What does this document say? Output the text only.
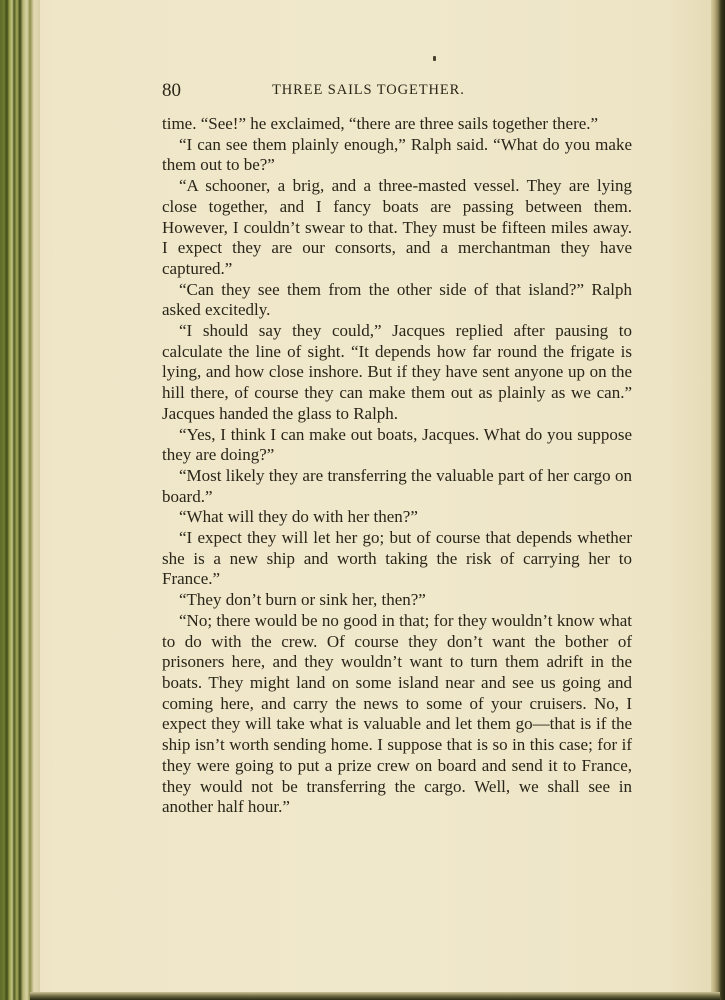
80	THREE SAILS TOGETHER.

time. “See!” he exclaimed, “there are three sails together there.”

“I can see them plainly enough,” Ralph said. “What do you make them out to be?”

“A schooner, a brig, and a three-masted vessel. They are lying close together, and I fancy boats are passing between them. However, I couldn’t swear to that. They must be fifteen miles away. I expect they are our consorts, and a merchantman they have captured.”

“Can they see them from the other side of that island?” Ralph asked excitedly.

“I should say they could,” Jacques replied after pausing to calculate the line of sight. “It depends how far round the frigate is lying, and how close inshore. But if they have sent anyone up on the hill there, of course they can make them out as plainly as we can.” Jacques handed the glass to Ralph.

“Yes, I think I can make out boats, Jacques. What do you suppose they are doing?”

“Most likely they are transferring the valuable part of her cargo on board.”

“What will they do with her then?”

“I expect they will let her go; but of course that depends whether she is a new ship and worth taking the risk of carrying her to France.”

“They don’t burn or sink her, then?”

“No; there would be no good in that; for they wouldn’t know what to do with the crew. Of course they don’t want the bother of prisoners here, and they wouldn’t want to turn them adrift in the boats. They might land on some island near and see us going and coming here, and carry the news to some of your cruisers. No, I expect they will take what is valuable and let them go—that is if the ship isn’t worth sending home. I suppose that is so in this case; for if they were going to put a prize crew on board and send it to France, they would not be transferring the cargo. Well, we shall see in another half hour.”
